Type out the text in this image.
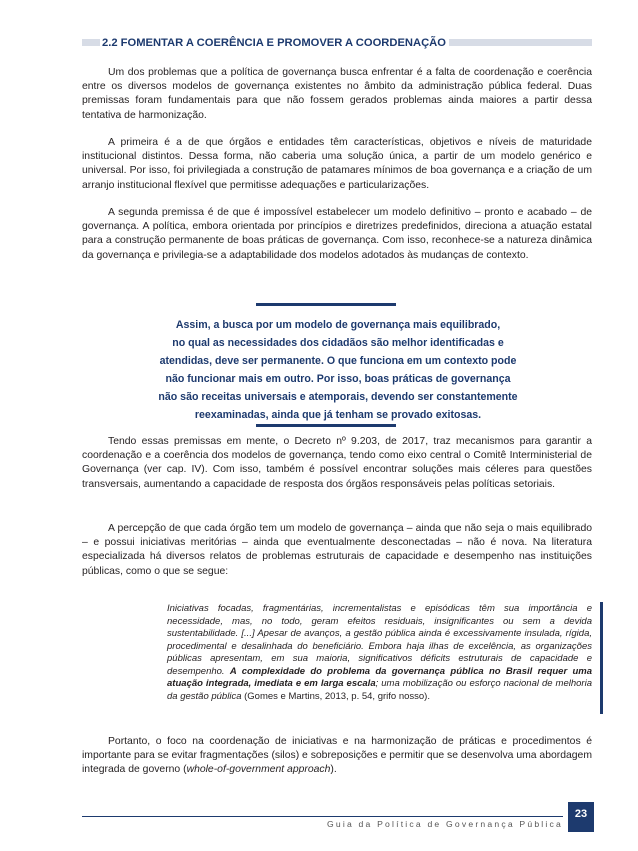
2.2 FOMENTAR A COERÊNCIA E PROMOVER A COORDENAÇÃO

Um dos problemas que a política de governança busca enfrentar é a falta de coordenação e coerência entre os diversos modelos de governança existentes no âmbito da administração pública federal. Duas premissas foram fundamentais para que não fossem gerados problemas ainda maiores a partir dessa tentativa de harmonização.

A primeira é a de que órgãos e entidades têm características, objetivos e níveis de maturidade institucional distintos. Dessa forma, não caberia uma solução única, a partir de um modelo genérico e universal. Por isso, foi privilegiada a construção de patamares mínimos de boa governança e a criação de um arranjo institucional flexível que permitisse adequações e particularizações.

A segunda premissa é de que é impossível estabelecer um modelo definitivo – pronto e acabado – de governança. A política, embora orientada por princípios e diretrizes predefinidos, direciona a atuação estatal para a construção permanente de boas práticas de governança. Com isso, reconhece-se a natureza dinâmica da governança e privilegia-se a adaptabilidade dos modelos adotados às mudanças de contexto.

Assim, a busca por um modelo de governança mais equilibrado,
no qual as necessidades dos cidadãos são melhor identificadas e
atendidas, deve ser permanente. O que funciona em um contexto pode
não funcionar mais em outro. Por isso, boas práticas de governança
não são receitas universais e atemporais, devendo ser constantemente
reexaminadas, ainda que já tenham se provado exitosas.

Tendo essas premissas em mente, o Decreto nº 9.203, de 2017, traz mecanismos para garantir a coordenação e a coerência dos modelos de governança, tendo como eixo central o Comitê Interministerial de Governança (ver cap. IV). Com isso, também é possível encontrar soluções mais céleres para questões transversais, aumentando a capacidade de resposta dos órgãos responsáveis pelas políticas setoriais.

A percepção de que cada órgão tem um modelo de governança – ainda que não seja o mais equilibrado – e possui iniciativas meritórias – ainda que eventualmente desconectadas – não é nova. Na literatura especializada há diversos relatos de problemas estruturais de capacidade e desempenho nas instituições públicas, como o que se segue:

Iniciativas focadas, fragmentárias, incrementalistas e episódicas têm sua importância e necessidade, mas, no todo, geram efeitos residuais, insignificantes ou sem a devida sustentabilidade. [...] Apesar de avanços, a gestão pública ainda é excessivamente insulada, rígida, procedimental e desalinhada do beneficiário. Embora haja ilhas de excelência, as organizações públicas apresentam, em sua maioria, significativos déficits estruturais de capacidade e desempenho. A complexidade do problema da governança pública no Brasil requer uma atuação integrada, imediata e em larga escala; uma mobilização ou esforço nacional de melhoria da gestão pública (Gomes e Martins, 2013, p. 54, grifo nosso).

Portanto, o foco na coordenação de iniciativas e na harmonização de práticas e procedimentos é importante para se evitar fragmentações (silos) e sobreposições e permitir que se desenvolva uma abordagem integrada de governo (whole-of-government approach).

Guia da Política de Governança Pública
23
